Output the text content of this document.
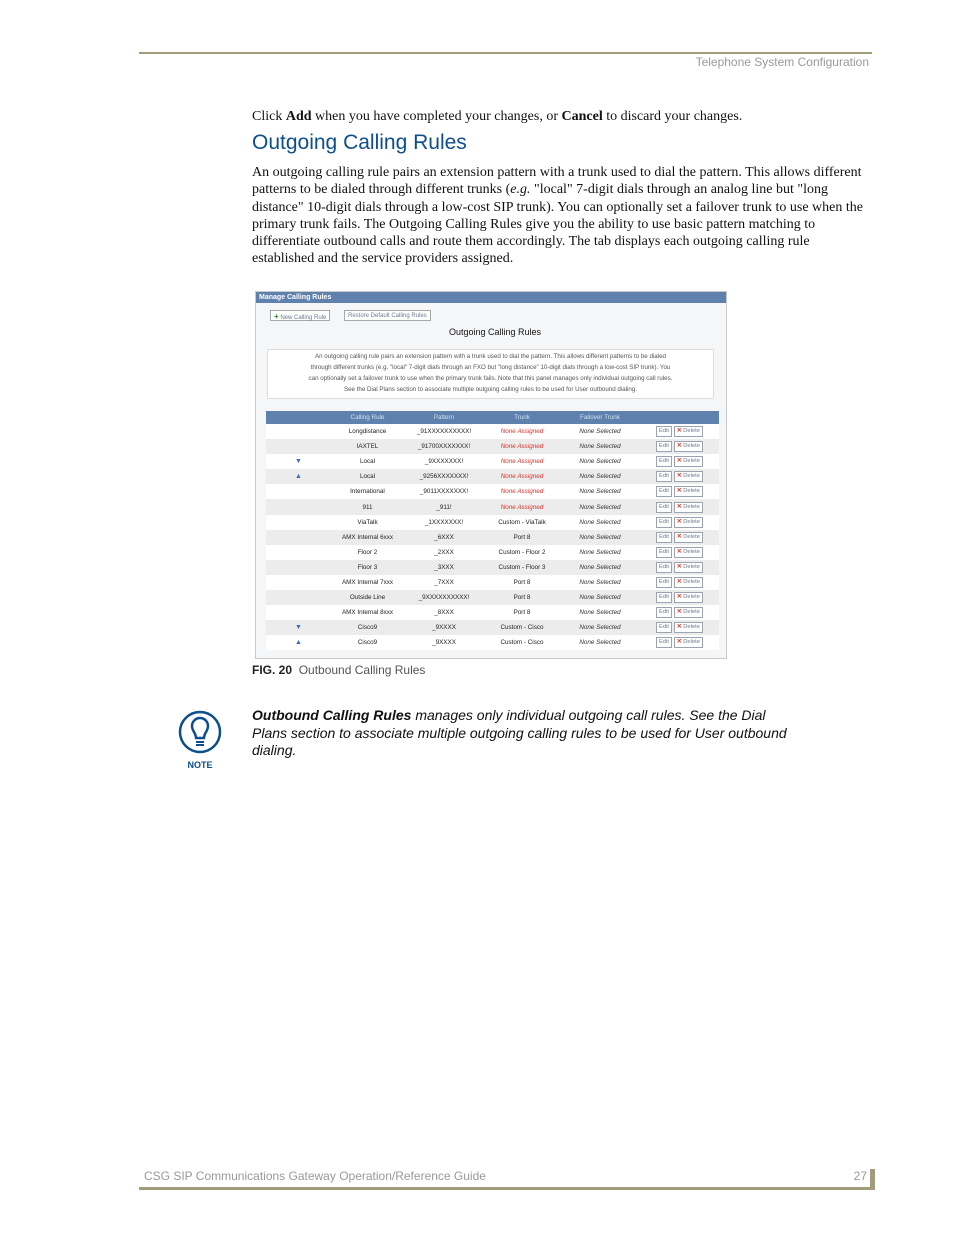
Telephone System Configuration
Click Add when you have completed your changes, or Cancel to discard your changes.
Outgoing Calling Rules
An outgoing calling rule pairs an extension pattern with a trunk used to dial the pattern. This allows different patterns to be dialed through different trunks (e.g. "local" 7-digit dials through an analog line but "long distance" 10-digit dials through a low-cost SIP trunk). You can optionally set a failover trunk to use when the primary trunk fails. The Outgoing Calling Rules give you the ability to use basic pattern matching to differentiate outbound calls and route them accordingly. The tab displays each outgoing calling rule established and the service providers assigned.
Manage Calling Rules
+ New Calling Rule	Restore Default Calling Rules
Outgoing Calling Rules
An outgoing calling rule pairs an extension pattern with a trunk used to dial the pattern. This allows different patterns to be dialed
through different trunks (e.g. "local" 7-digit dials through an FXO but "long distance" 10-digit dials through a low-cost SIP trunk). You
can optionally set a failover trunk to use when the primary trunk fails. Note that this panel manages only individual outgoing call rules.
See the Dial Plans section to associate multiple outgoing calling rules to be used for User outbound dialing.
	Calling Rule	Pattern	Trunk	Failover Trunk	
	Longdistance	_91XXXXXXXXXX!	None Assigned	None Selected	Edit ✕ Delete
	IAXTEL	_91700XXXXXXX!	None Assigned	None Selected	Edit ✕ Delete
▼	Local	_9XXXXXXX!	None Assigned	None Selected	Edit ✕ Delete
▲	Local	_9256XXXXXXX!	None Assigned	None Selected	Edit ✕ Delete
	International	_9011XXXXXXX!	None Assigned	None Selected	Edit ✕ Delete
	911	_911!	None Assigned	None Selected	Edit ✕ Delete
	ViaTalk	_1XXXXXXX!	Custom - ViaTalk	None Selected	Edit ✕ Delete
	AMX Internal 6xxx	_6XXX	Port 8	None Selected	Edit ✕ Delete
	Floor 2	_2XXX	Custom - Floor 2	None Selected	Edit ✕ Delete
	Floor 3	_3XXX	Custom - Floor 3	None Selected	Edit ✕ Delete
	AMX Internal 7xxx	_7XXX	Port 8	None Selected	Edit ✕ Delete
	Outside Line	_9XXXXXXXXXX!	Port 8	None Selected	Edit ✕ Delete
	AMX Internal 8xxx	_8XXX	Port 8	None Selected	Edit ✕ Delete
▼	Cisco9	_9XXXX	Custom - Cisco	None Selected	Edit ✕ Delete
▲	Cisco9	_9XXXX	Custom - Cisco	None Selected	Edit ✕ Delete
FIG. 20 Outbound Calling Rules
NOTE
Outbound Calling Rules manages only individual outgoing call rules. See the Dial Plans section to associate multiple outgoing calling rules to be used for User outbound dialing.
CSG SIP Communications Gateway Operation/Reference Guide	27
